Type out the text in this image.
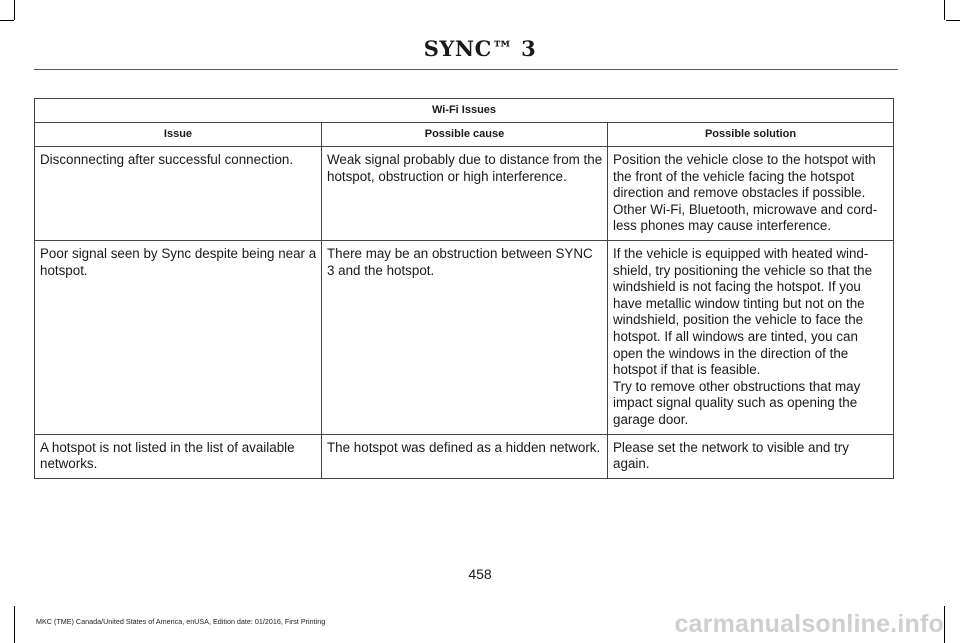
SYNC™ 3
Wi-Fi Issues		
Issue	Possible cause	Possible solution

Disconnecting after successful connection.	Weak signal probably due to distance from the hotspot, obstruction or high interference.	Position the vehicle close to the hotspot with the front of the vehicle facing the hotspot direction and remove obstacles if possible. Other Wi-Fi, Bluetooth, microwave and cord-less phones may cause interference.

Poor signal seen by Sync despite being near a hotspot.	There may be an obstruction between SYNC 3 and the hotspot.	If the vehicle is equipped with heated wind-shield, try positioning the vehicle so that the windshield is not facing the hotspot. If you have metallic window tinting but not on the windshield, position the vehicle to face the hotspot. If all windows are tinted, you can open the windows in the direction of the hotspot if that is feasible.
Try to remove other obstructions that may impact signal quality such as opening the garage door.

A hotspot is not listed in the list of available networks.	The hotspot was defined as a hidden network.	Please set the network to visible and try again.
458
MKC (TME) Canada/United States of America, enUSA, Edition date: 01/2016, First Printing	carmanualsonline.info
